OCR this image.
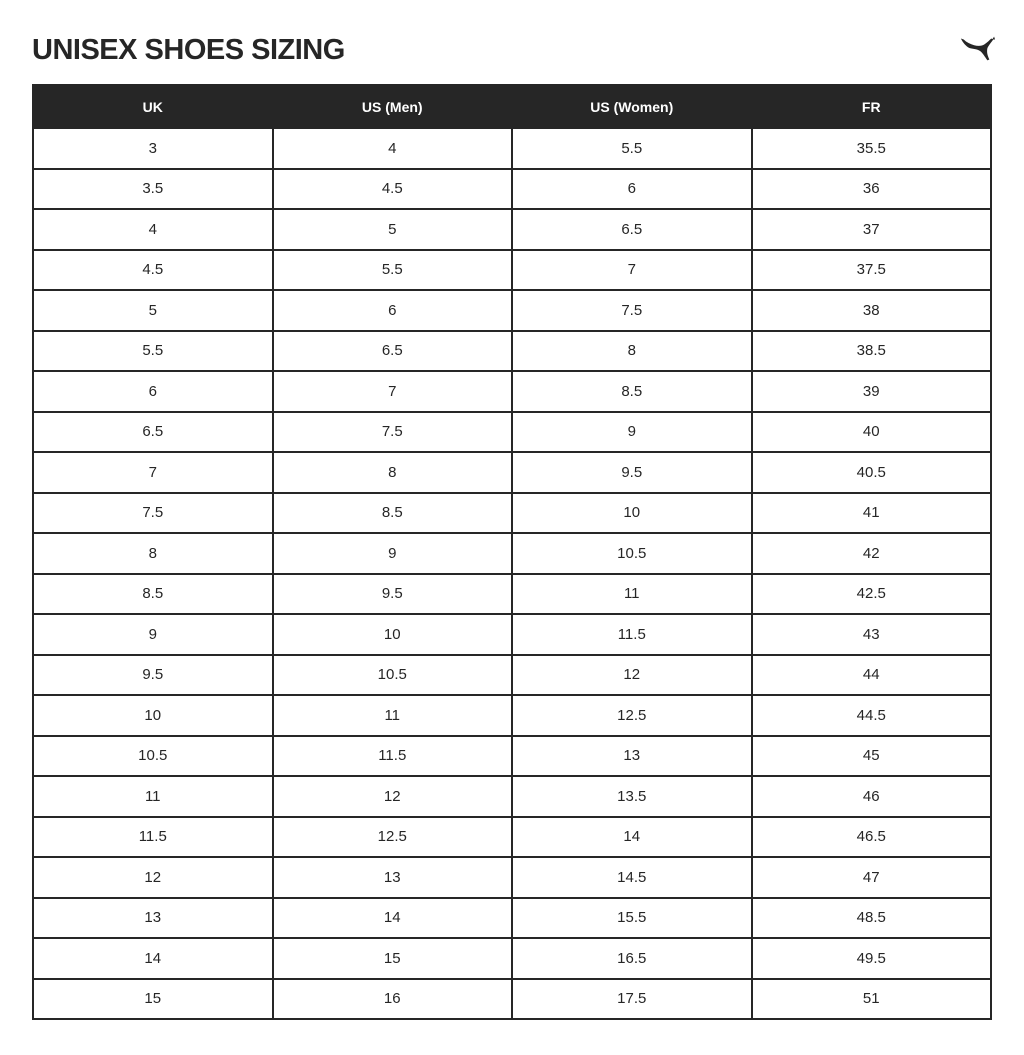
UNISEX SHOES SIZING
UK	US (Men)	US (Women)	FR
3	4	5.5	35.5
3.5	4.5	6	36
4	5	6.5	37
4.5	5.5	7	37.5
5	6	7.5	38
5.5	6.5	8	38.5
6	7	8.5	39
6.5	7.5	9	40
7	8	9.5	40.5
7.5	8.5	10	41
8	9	10.5	42
8.5	9.5	11	42.5
9	10	11.5	43
9.5	10.5	12	44
10	11	12.5	44.5
10.5	11.5	13	45
11	12	13.5	46
11.5	12.5	14	46.5
12	13	14.5	47
13	14	15.5	48.5
14	15	16.5	49.5
15	16	17.5	51
